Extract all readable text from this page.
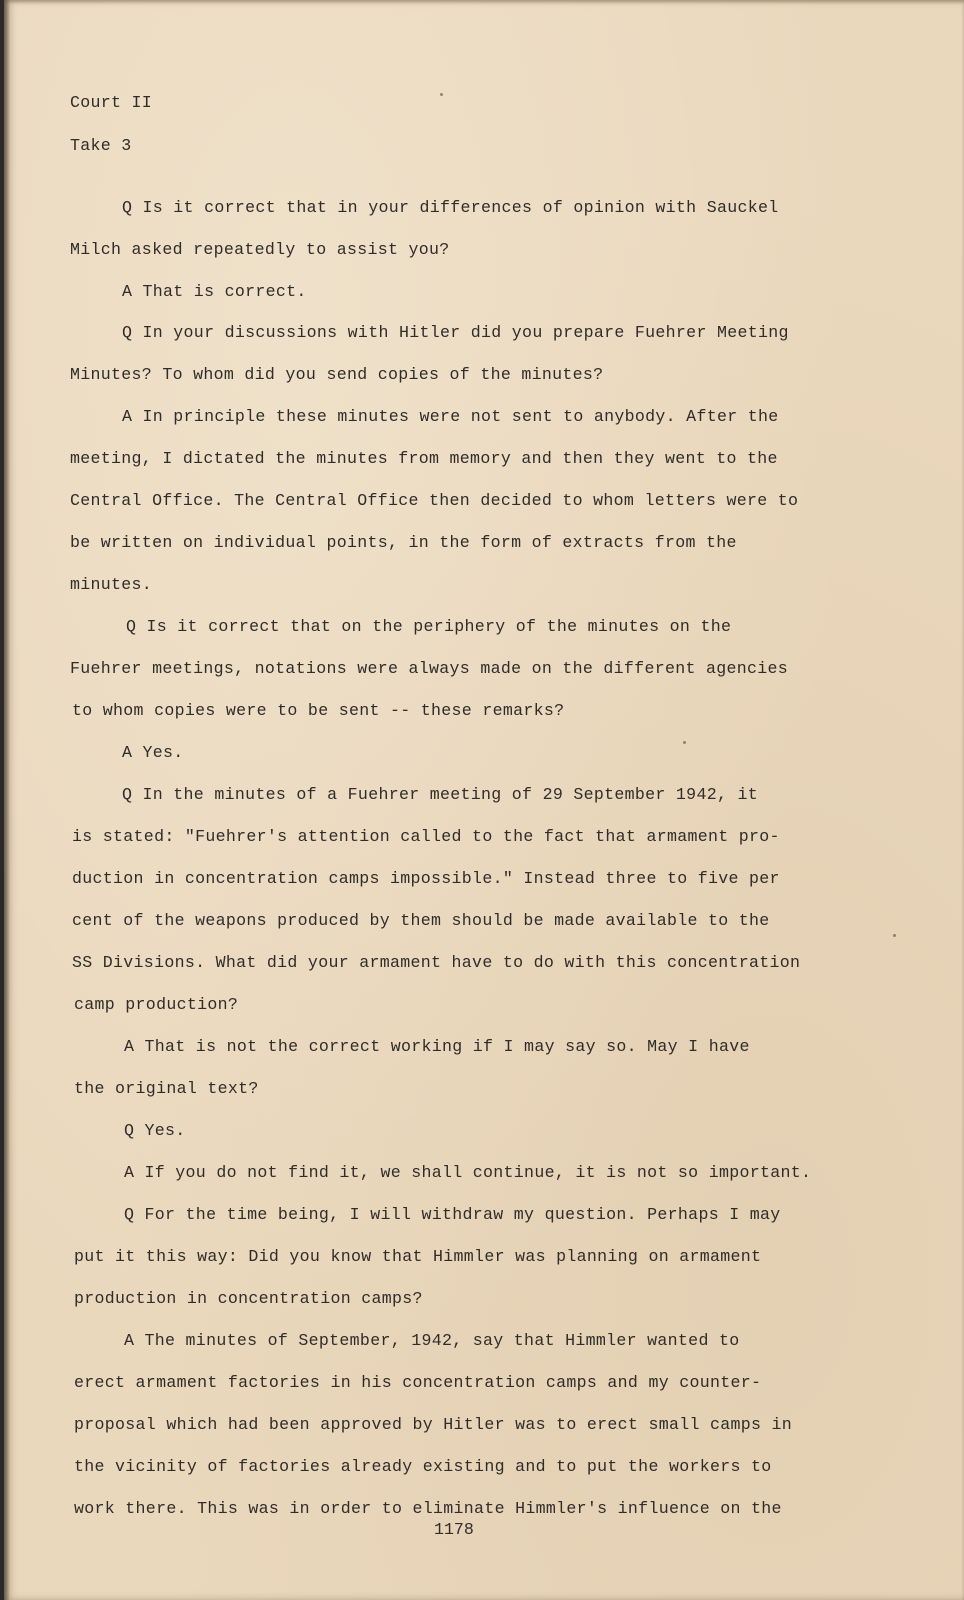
Court II

Take 3

Q Is it correct that in your differences of opinion with Sauckel

Milch asked repeatedly to assist you?

A That is correct.

Q In your discussions with Hitler did you prepare Fuehrer Meeting

Minutes? To whom did you send copies of the minutes?

A In principle these minutes were not sent to anybody. After the

meeting, I dictated the minutes from memory and then they went to the

Central Office. The Central Office then decided to whom letters were to

be written on individual points, in the form of extracts from the

minutes.

Q Is it correct that on the periphery of the minutes on the

Fuehrer meetings, notations were always made on the different agencies

to whom copies were to be sent -- these remarks?

A Yes.

Q In the minutes of a Fuehrer meeting of 29 September 1942, it

is stated: "Fuehrer's attention called to the fact that armament pro-

duction in concentration camps impossible." Instead three to five per

cent of the weapons produced by them should be made available to the

SS Divisions. What did your armament have to do with this concentration

camp production?

A That is not the correct working if I may say so. May I have

the original text?

Q Yes.

A If you do not find it, we shall continue, it is not so important.

Q For the time being, I will withdraw my question. Perhaps I may

put it this way: Did you know that Himmler was planning on armament

production in concentration camps?

A The minutes of September, 1942, say that Himmler wanted to

erect armament factories in his concentration camps and my counter-

proposal which had been approved by Hitler was to erect small camps in

the vicinity of factories already existing and to put the workers to

work there. This was in order to eliminate Himmler's influence on the

1178
